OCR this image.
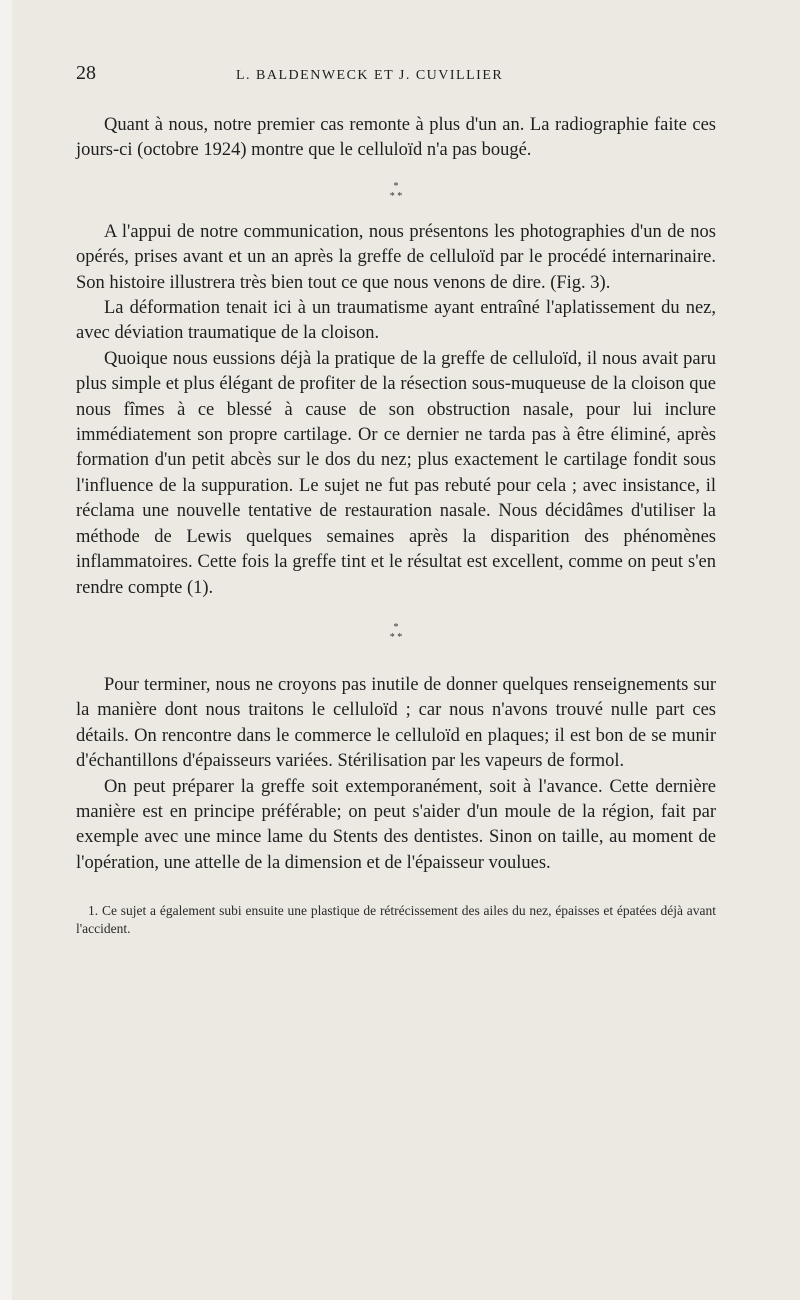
28	L. BALDENWECK ET J. CUVILLIER

Quant à nous, notre premier cas remonte à plus d'un an. La radiographie faite ces jours-ci (octobre 1924) montre que le celluloïd n'a pas bougé.

*
* *

A l'appui de notre communication, nous présentons les photographies d'un de nos opérés, prises avant et un an après la greffe de celluloïd par le procédé internarinaire. Son histoire illustrera très bien tout ce que nous venons de dire. (Fig. 3).

La déformation tenait ici à un traumatisme ayant entraîné l'aplatissement du nez, avec déviation traumatique de la cloison.

Quoique nous eussions déjà la pratique de la greffe de celluloïd, il nous avait paru plus simple et plus élégant de profiter de la résection sous-muqueuse de la cloison que nous fîmes à ce blessé à cause de son obstruction nasale, pour lui inclure immédiatement son propre cartilage. Or ce dernier ne tarda pas à être éliminé, après formation d'un petit abcès sur le dos du nez; plus exactement le cartilage fondit sous l'influence de la suppuration. Le sujet ne fut pas rebuté pour cela ; avec insistance, il réclama une nouvelle tentative de restauration nasale. Nous décidâmes d'utiliser la méthode de Lewis quelques semaines après la disparition des phénomènes inflammatoires. Cette fois la greffe tint et le résultat est excellent, comme on peut s'en rendre compte (1).

*
* *

Pour terminer, nous ne croyons pas inutile de donner quelques renseignements sur la manière dont nous traitons le celluloïd ; car nous n'avons trouvé nulle part ces détails. On rencontre dans le commerce le celluloïd en plaques; il est bon de se munir d'échantillons d'épaisseurs variées. Stérilisation par les vapeurs de formol.

On peut préparer la greffe soit extemporanément, soit à l'avance. Cette dernière manière est en principe préférable; on peut s'aider d'un moule de la région, fait par exemple avec une mince lame du Stents des dentistes. Sinon on taille, au moment de l'opération, une attelle de la dimension et de l'épaisseur voulues.

1. Ce sujet a également subi ensuite une plastique de rétrécissement des ailes du nez, épaisses et épatées déjà avant l'accident.
